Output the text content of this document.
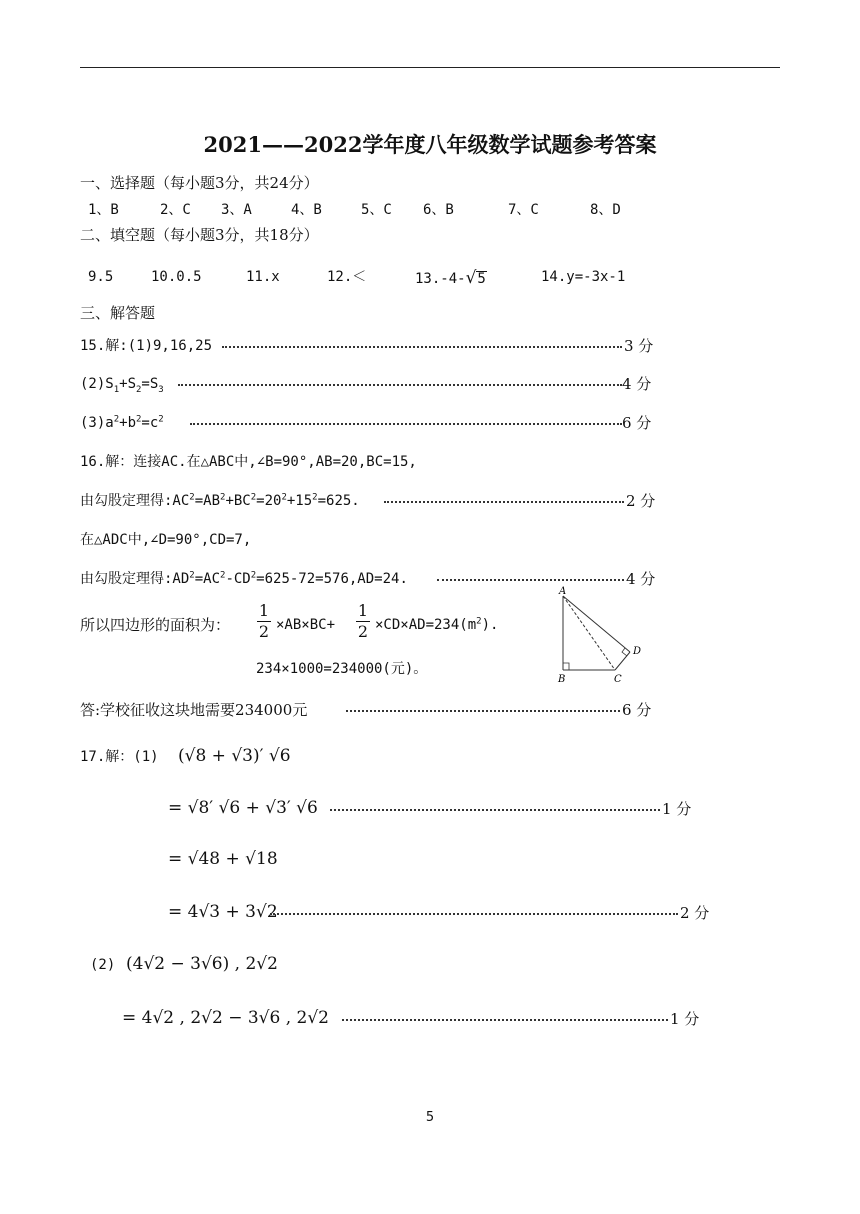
2021——2022学年度八年级数学试题参考答案
一、选择题（每小题3分，共24分）
1、B	2、C 3、A	4、B	5、C 6、B	7、C	8、D
二、填空题（每小题3分，共18分）
9.5	10.0.5	11.x	12.＜	13.-4-√5	14.y=-3x-1
三、解答题
15.解:(1)9,16,25	3 分
$(2)S_1+S_2=S_3$	4 分
$(3)a^2+b^2=c^2$	6 分
16.解：连接AC.在△ABC中,∠B=90°,AB=20,BC=15,
由勾股定理得$:AC^2=AB^2+BC^2=20^2+15^2=625$.	2 分
在△ADC中,∠D=90°,CD=7,
由勾股定理得$:AD^2=AC^2-CD^2=625-72=576,AD=24$.	4 分
所以四边形的面积为： $\frac{1}{2} \times AB\times BC+ \frac{1}{2} \times CD\times AD=234(m^2)$.
234×1000=234000(元)。
A
B	C
D
答:学校征收这块地需要234000元	6 分
17.解：(1) (√8 + √3)′ √6
= √8′ √6 + √3′ √6	1 分
= √48 + √18
= 4√3 + 3√2	2 分
(2) (4√2 − 3√6) , 2√2
= 4√2 , 2√2 − 3√6 , 2√2	1 分
5
